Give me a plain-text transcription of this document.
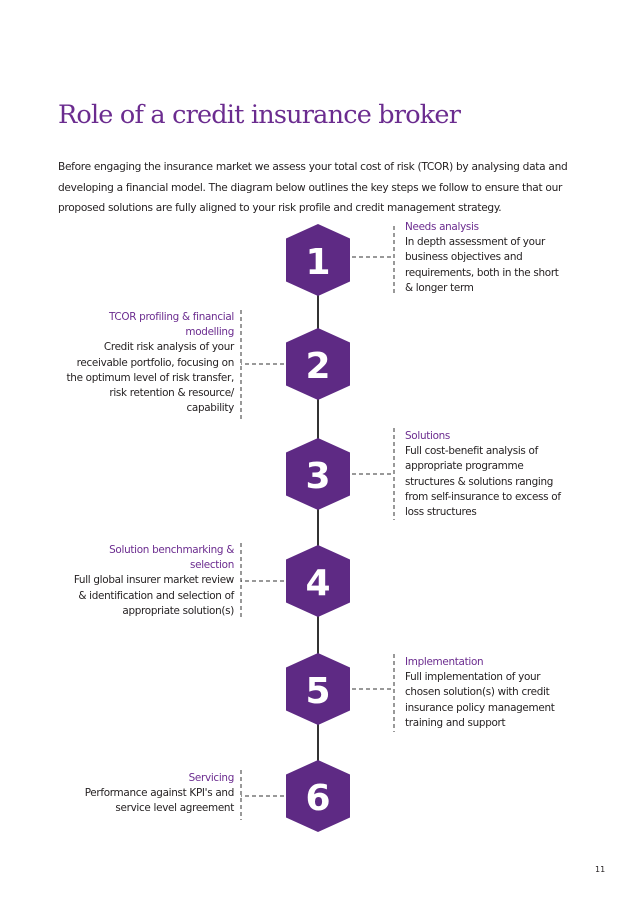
Role of a credit insurance broker

Before engaging the insurance market we assess your total cost of risk (TCOR) by analysing data and developing a financial model. The diagram below outlines the key steps we follow to ensure that our proposed solutions are fully aligned to your risk profile and credit management strategy.

1
2
3
4
5
6
Needs analysis
In depth assessment of your business objectives and requirements, both in the short & longer term
TCOR profiling & financial modelling
Credit risk analysis of your receivable portfolio, focusing on the optimum level of risk transfer, risk retention & resource/ capability
Solutions
Full cost-benefit analysis of appropriate programme structures & solutions ranging from self-insurance to excess of loss structures
Solution benchmarking & selection
Full global insurer market review & identification and selection of appropriate solution(s)
Implementation
Full implementation of your chosen solution(s) with credit insurance policy management training and support
Servicing
Performance against KPI's and service level agreement
11
